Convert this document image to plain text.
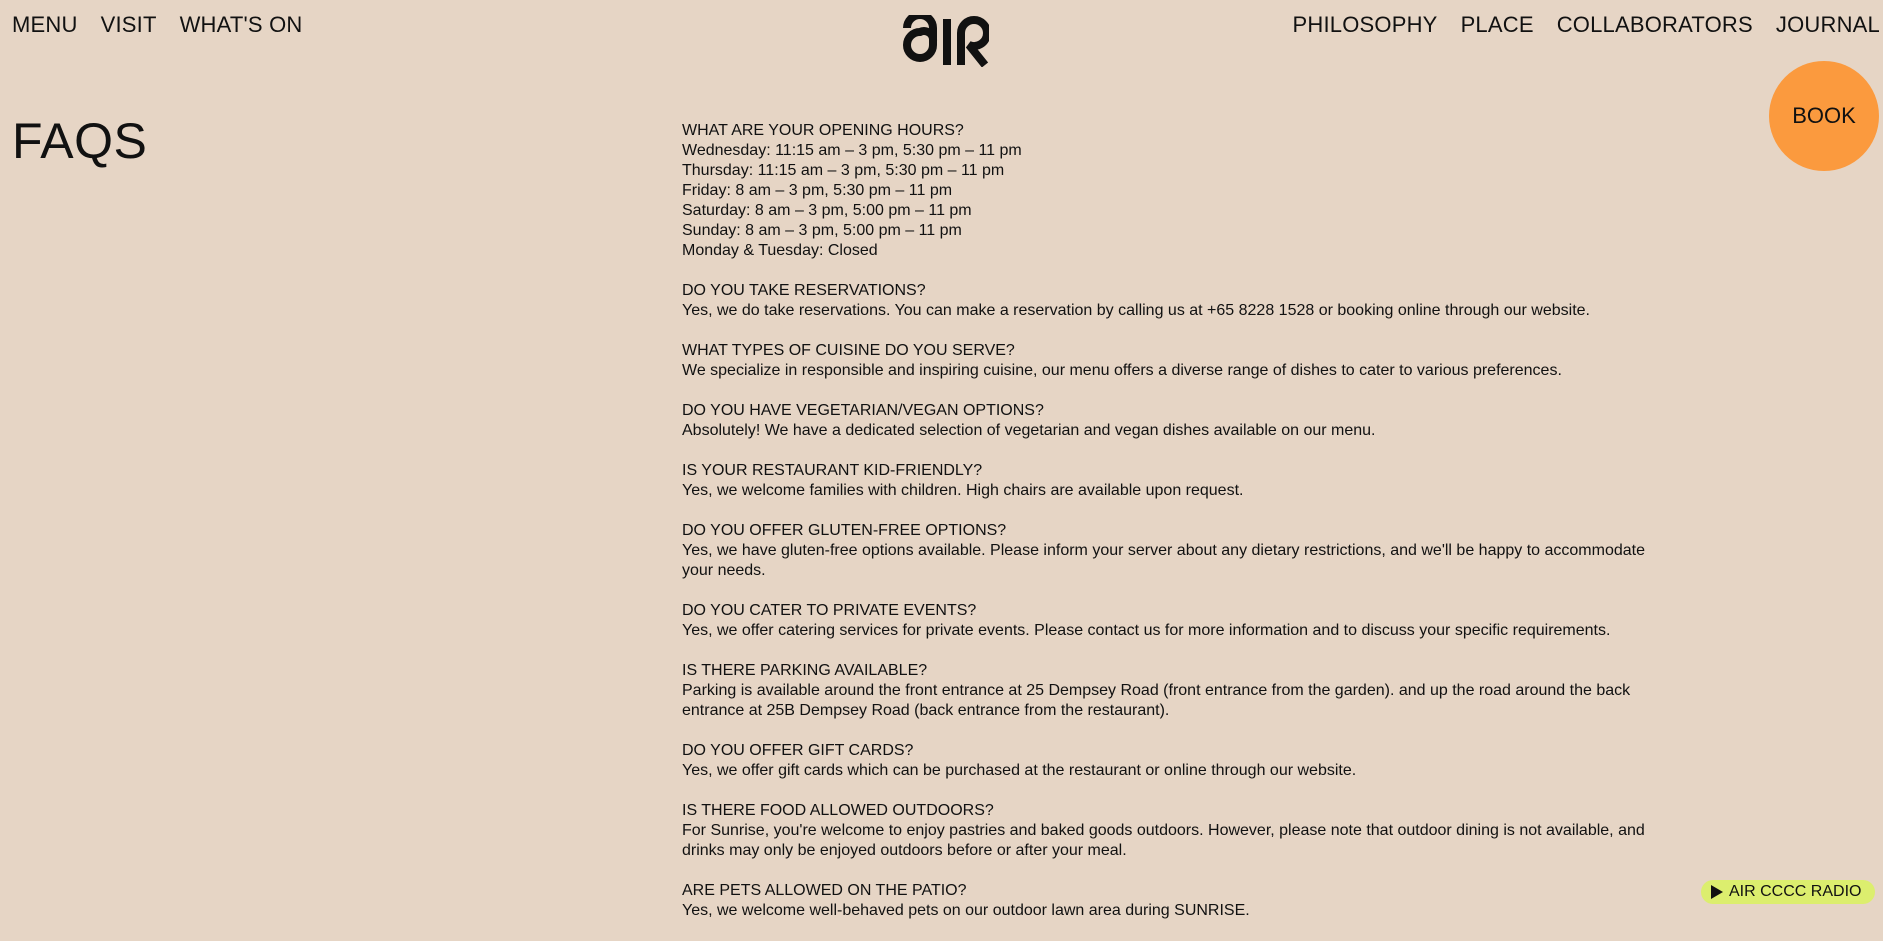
MENU VISIT WHAT'S ON	AIR	PHILOSOPHY PLACE COLLABORATORS JOURNAL
BOOK
FAQS	WHAT ARE YOUR OPENING HOURS?

Wednesday: 11:15 am – 3 pm, 5:30 pm – 11 pm
Thursday: 11:15 am – 3 pm, 5:30 pm – 11 pm
Friday: 8 am – 3 pm, 5:30 pm – 11 pm
Saturday: 8 am – 3 pm, 5:00 pm – 11 pm
Sunday: 8 am – 3 pm, 5:00 pm – 11 pm
Monday & Tuesday: Closed

DO YOU TAKE RESERVATIONS?

Yes, we do take reservations. You can make a reservation by calling us at +65 8228 1528 or booking online through our website.

WHAT TYPES OF CUISINE DO YOU SERVE?

We specialize in responsible and inspiring cuisine, our menu offers a diverse range of dishes to cater to various preferences.

DO YOU HAVE VEGETARIAN/VEGAN OPTIONS?

Absolutely! We have a dedicated selection of vegetarian and vegan dishes available on our menu.

IS YOUR RESTAURANT KID-FRIENDLY?

Yes, we welcome families with children. High chairs are available upon request.

DO YOU OFFER GLUTEN-FREE OPTIONS?

Yes, we have gluten-free options available. Please inform your server about any dietary restrictions, and we'll be happy to accommodate
your needs.

DO YOU CATER TO PRIVATE EVENTS?

Yes, we offer catering services for private events. Please contact us for more information and to discuss your specific requirements.

IS THERE PARKING AVAILABLE?

Parking is available around the front entrance at 25 Dempsey Road (front entrance from the garden). and up the road around the back
entrance at 25B Dempsey Road (back entrance from the restaurant).

DO YOU OFFER GIFT CARDS?

Yes, we offer gift cards which can be purchased at the restaurant or online through our website.

IS THERE FOOD ALLOWED OUTDOORS?

For Sunrise, you're welcome to enjoy pastries and baked goods outdoors. However, please note that outdoor dining is not available, and
drinks may only be enjoyed outdoors before or after your meal.

ARE PETS ALLOWED ON THE PATIO?

Yes, we welcome well-behaved pets on our outdoor lawn area during SUNRISE.

AIR CCCC RADIO
